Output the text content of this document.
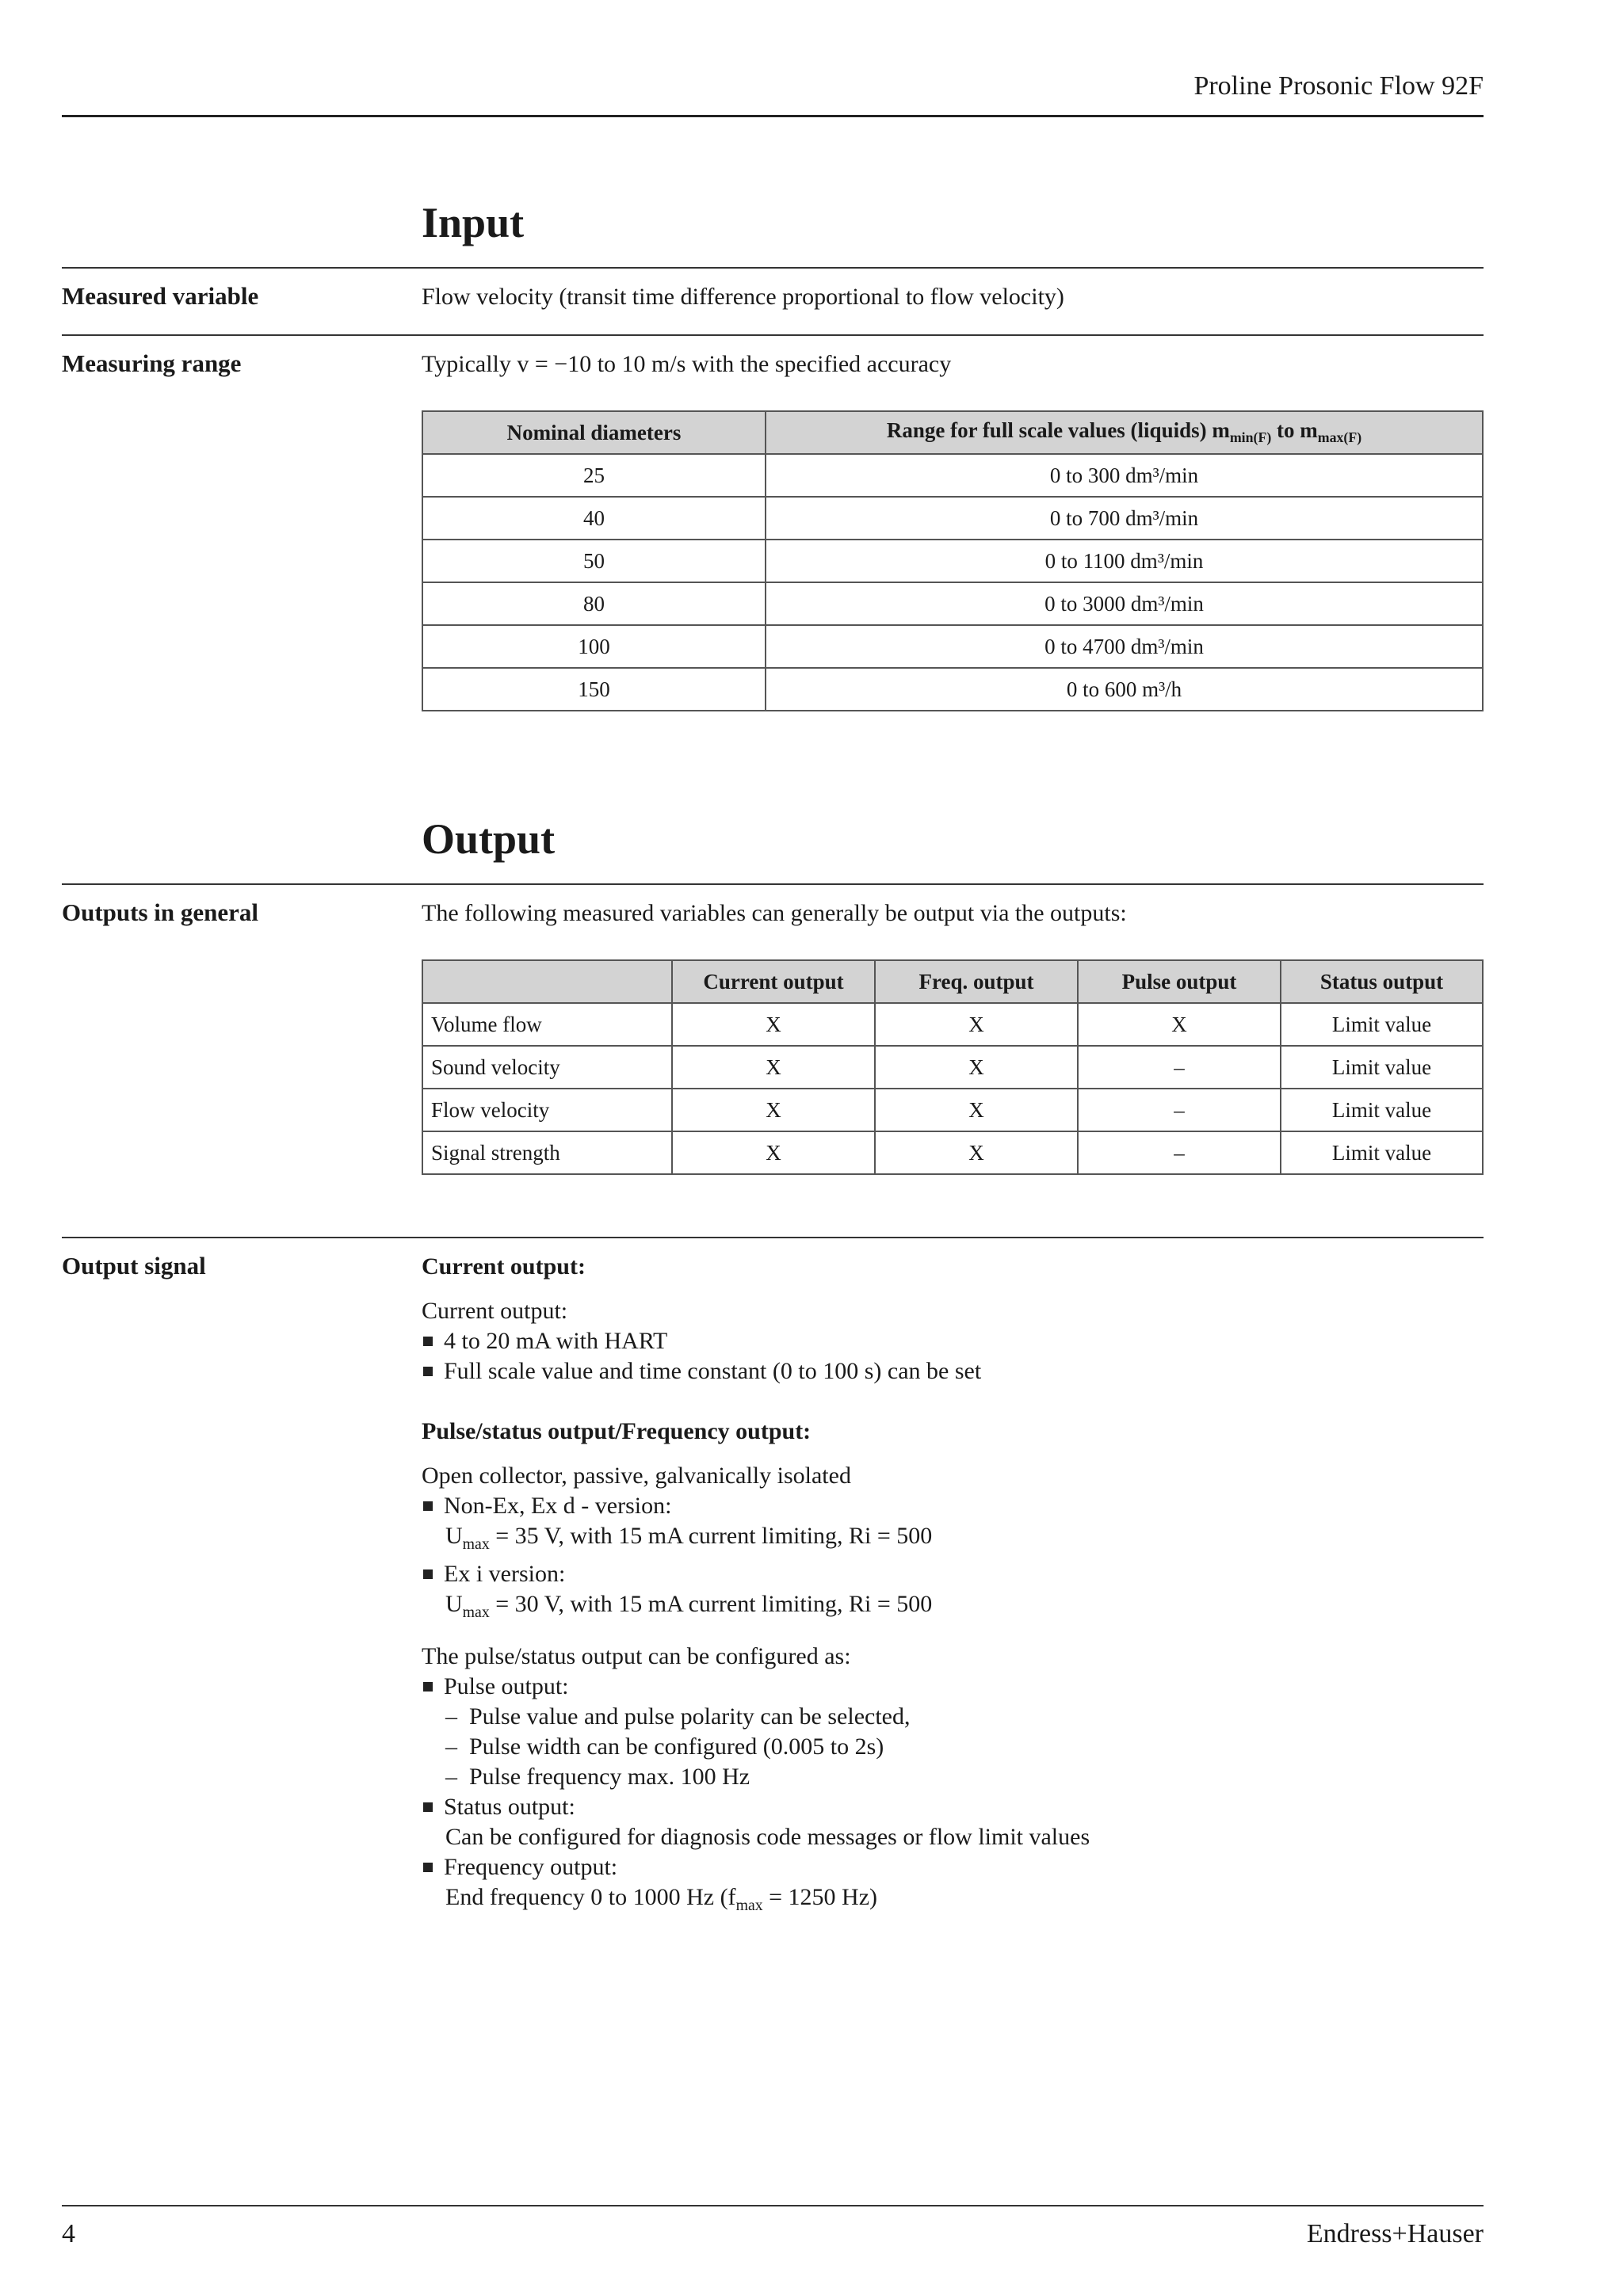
Proline Prosonic Flow 92F
Input
Measured variable	Flow velocity (transit time difference proportional to flow velocity)
Measuring range	Typically v = −10 to 10 m/s with the specified accuracy
Nominal diameters	Range for full scale values (liquids) $m_{min(F)}$ to $m_{max(F)}$
25	0 to 300 dm³/min
40	0 to 700 dm³/min
50	0 to 1100 dm³/min
80	0 to 3000 dm³/min
100	0 to 4700 dm³/min
150	0 to 600 m³/h
Output
Outputs in general	The following measured variables can generally be output via the outputs:
	Current output	Freq. output	Pulse output	Status output
Volume flow	X	X	X	Limit value
Sound velocity	X	X	–	Limit value
Flow velocity	X	X	–	Limit value
Signal strength	X	X	–	Limit value
Output signal	Current output:
Current output:
4 to 20 mA with HART
Full scale value and time constant (0 to 100 s) can be set
Pulse/status output/Frequency output:
Open collector, passive, galvanically isolated
Non-Ex, Ex d - version:
$U_{max} = 35$ V, with 15 mA current limiting, Ri = 500
Ex i version:
$U_{max} = 30$ V, with 15 mA current limiting, Ri = 500
The pulse/status output can be configured as:
Pulse output:
– Pulse value and pulse polarity can be selected,
– Pulse width can be configured (0.005 to 2s)
– Pulse frequency max. 100 Hz
Status output:
Can be configured for diagnosis code messages or flow limit values
Frequency output:
End frequency 0 to 1000 Hz ($f_{max} = 1250$ Hz)
4	Endress+Hauser
